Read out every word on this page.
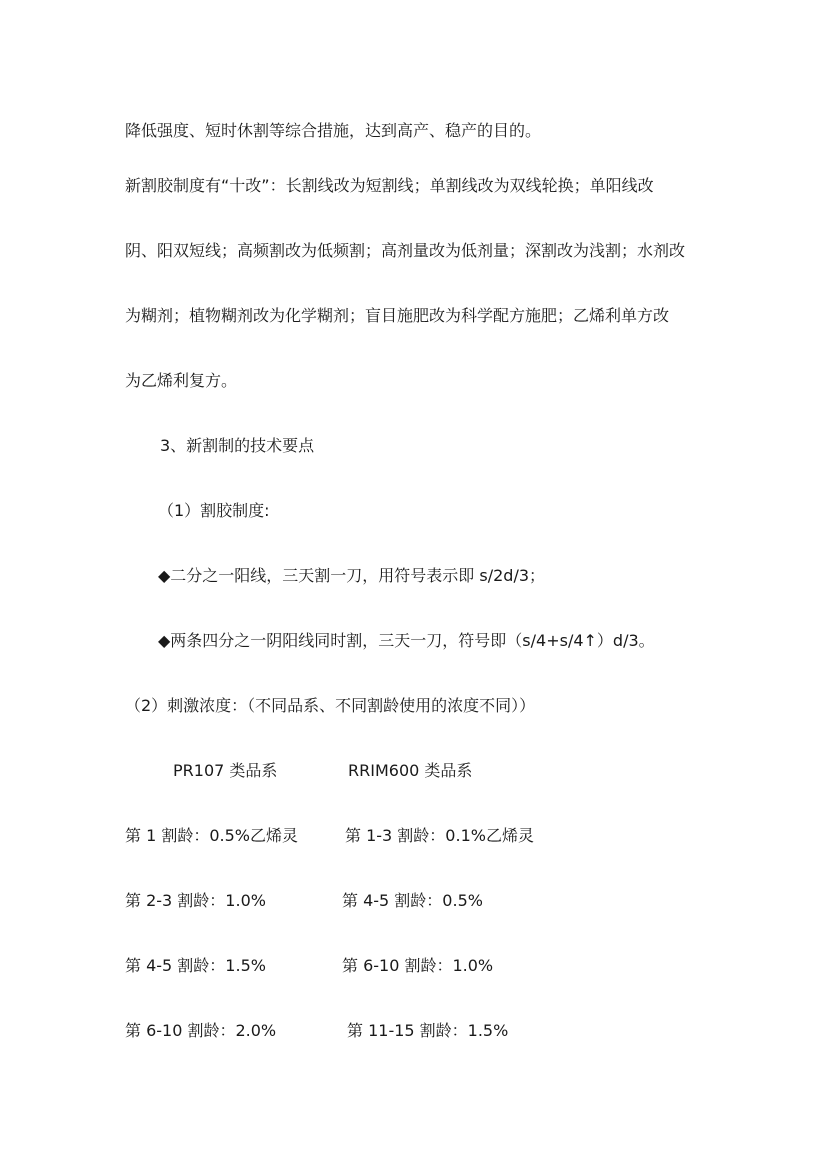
降低强度、短时休割等综合措施，达到高产、稳产的目的。
新割胶制度有“十改”：长割线改为短割线；单割线改为双线轮换；单阳线改
阴、阳双短线；高频割改为低频割；高剂量改为低剂量；深割改为浅割；水剂改
为糊剂；植物糊剂改为化学糊剂；盲目施肥改为科学配方施肥；乙烯利单方改
为乙烯利复方。
3、新割制的技术要点
（1）割胶制度:
◆二分之一阳线，三天割一刀，用符号表示即 s/2d/3；
◆两条四分之一阴阳线同时割，三天一刀，符号即（s/4+s/4↑）d/3。
（2）刺激浓度：（不同品系、不同割龄使用的浓度不同））
PR107 类品系	RRIM600 类品系
第 1 割龄：0.5%乙烯灵	第 1-3 割龄：0.1%乙烯灵
第 2-3 割龄：1.0%	第 4-5 割龄：0.5%
第 4-5 割龄：1.5%	第 6-10 割龄：1.0%
第 6-10 割龄：2.0%	第 11-15 割龄：1.5%
